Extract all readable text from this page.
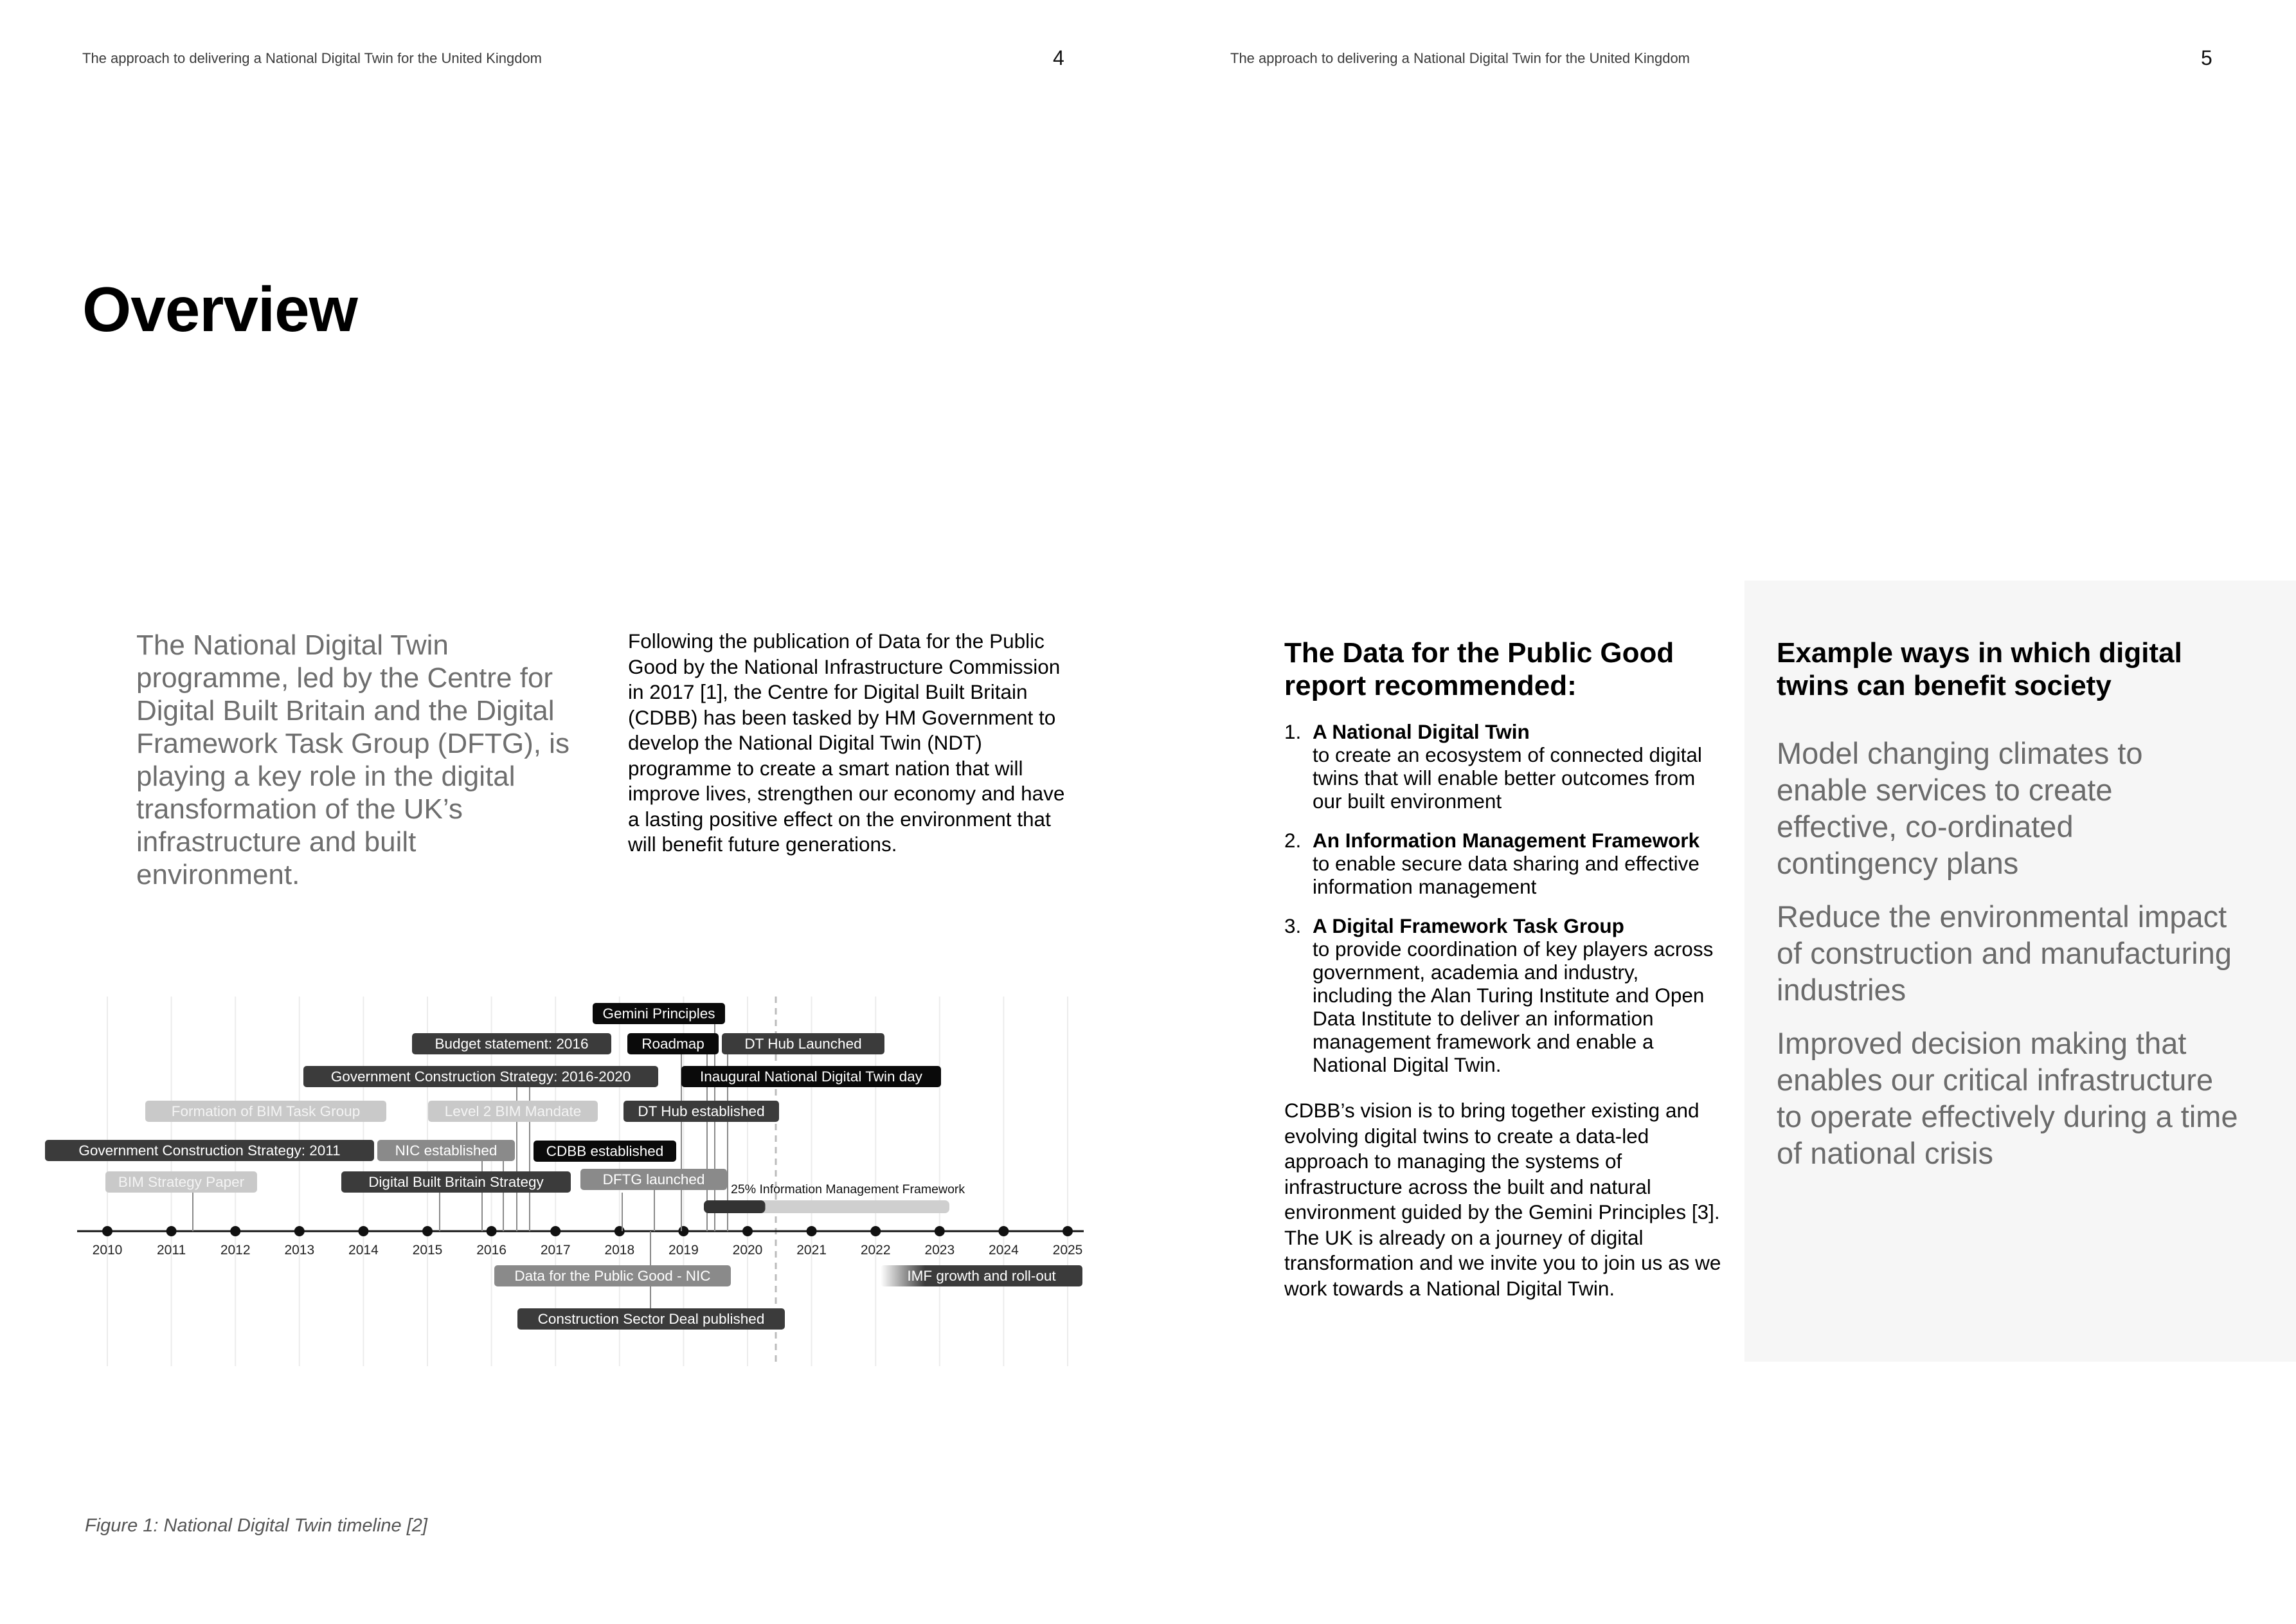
The approach to delivering a National Digital Twin for the United Kingdom	4	The approach to delivering a National Digital Twin for the United Kingdom	5
Overview

The National Digital Twin programme, led by the Centre for Digital Built Britain and the Digital Framework Task Group (DFTG), is playing a key role in the digital transformation of the UK’s infrastructure and built environment.

Following the publication of Data for the Public Good by the National Infrastructure Commission in 2017 [1], the Centre for Digital Built Britain (CDBB) has been tasked by HM Government to develop the National Digital Twin (NDT) programme to create a smart nation that will improve lives, strengthen our economy and have a lasting positive effect on the environment that will benefit future generations.

2010	2011	2012	2013	2014	2015	2016	2017	2018	2019	2020	2021	2022	2023	2024	2025
Gemini Principles
Budget statement: 2016	Roadmap	DT Hub Launched
Government Construction Strategy: 2016-2020	Inaugural National Digital Twin day
Formation of BIM Task Group	Level 2 BIM Mandate	DT Hub established
Government Construction Strategy: 2011	NIC established	CDBB established
BIM Strategy Paper	Digital Built Britain Strategy	DFTG launched
Data for the Public Good - NIC	IMF growth and roll-out
Construction Sector Deal published
25% Information Management Framework

Figure 1: National Digital Twin timeline [2]

The Data for the Public Good report recommended:
1. A National Digital Twin
to create an ecosystem of connected digital twins that will enable better outcomes from our built environment
2. An Information Management Framework to enable secure data sharing and effective information management
3. A Digital Framework Task Group
to provide coordination of key players across government, academia and industry, including the Alan Turing Institute and Open Data Institute to deliver an information management framework and enable a National Digital Twin.

CDBB’s vision is to bring together existing and evolving digital twins to create a data-led approach to managing the systems of infrastructure across the built and natural environment guided by the Gemini Principles [3]. The UK is already on a journey of digital transformation and we invite you to join us as we work towards a National Digital Twin.

Example ways in which digital twins can benefit society

Model changing climates to enable services to create effective, co-ordinated contingency plans

Reduce the environmental impact of construction and manufacturing industries

Improved decision making that enables our critical infrastructure to operate effectively during a time of national crisis
